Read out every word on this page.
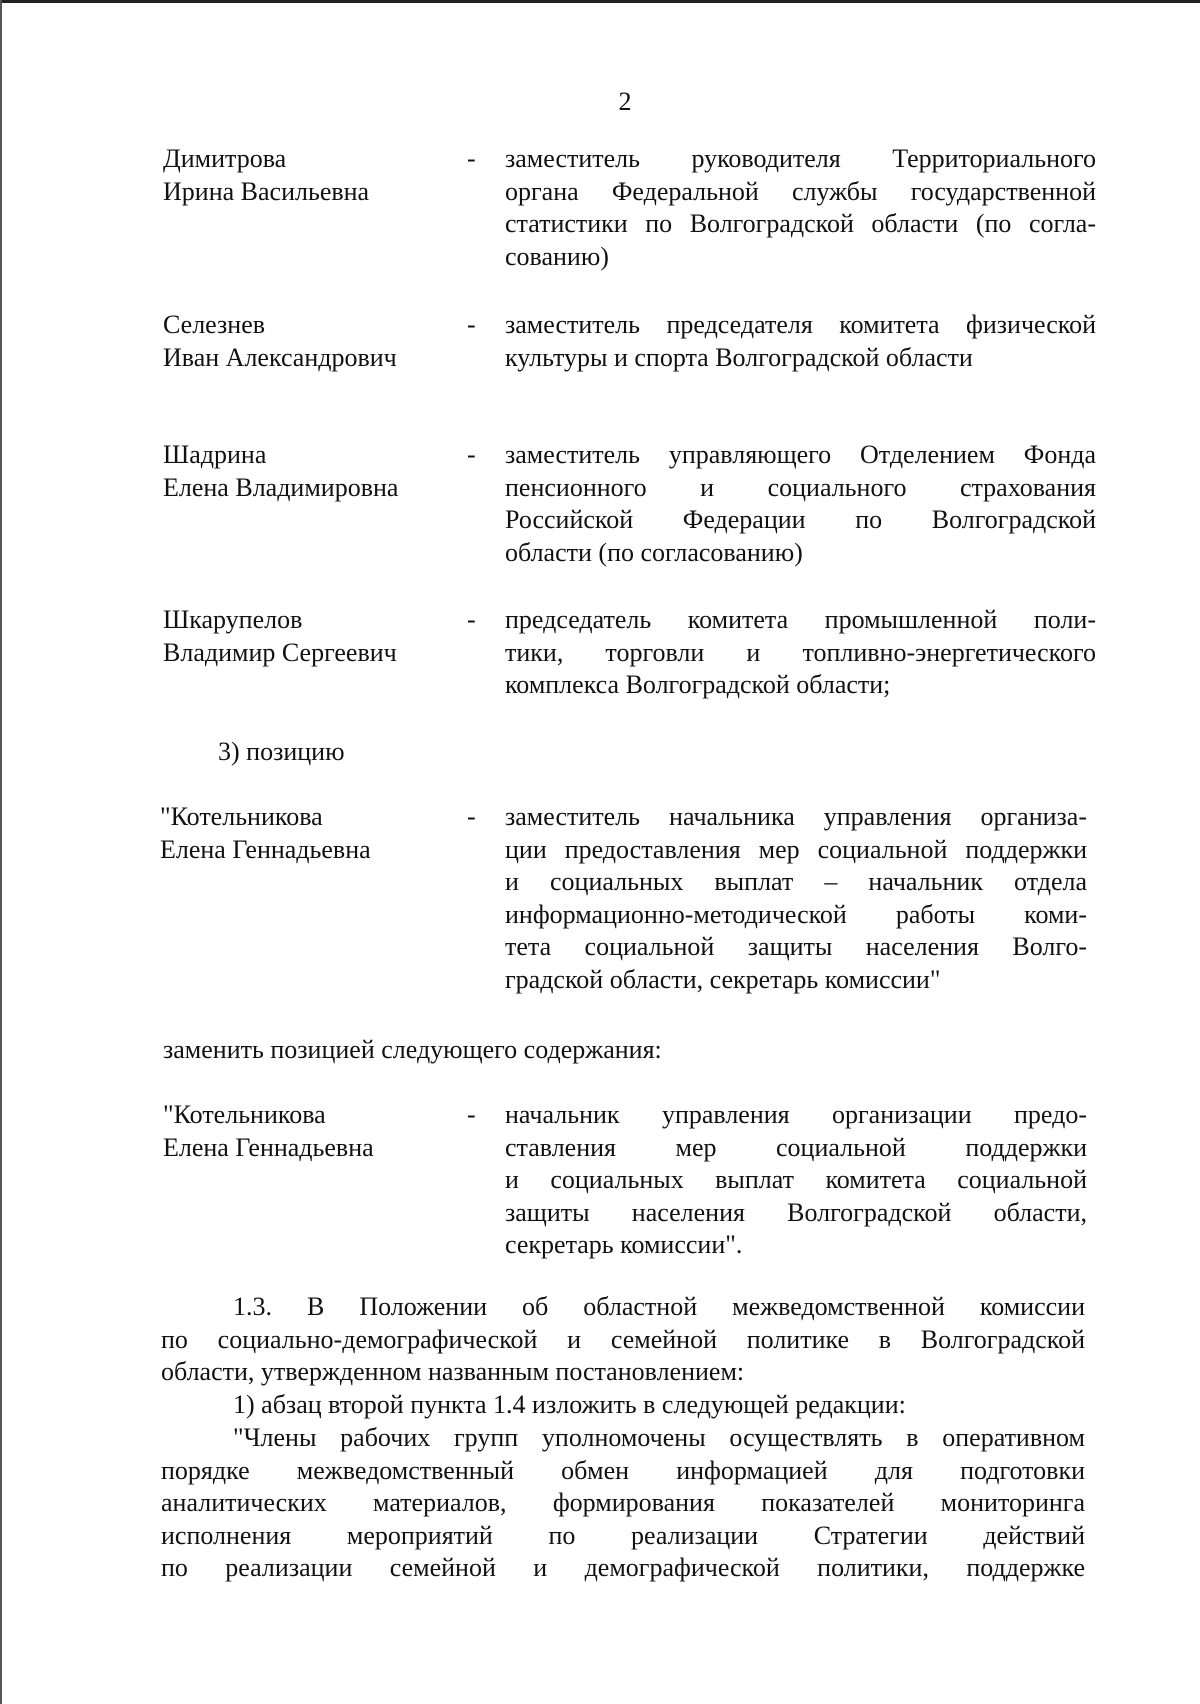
2
Димитрова
Ирина Васильевна
- заместитель руководителя Территориального
органа Федеральной службы государственной
статистики по Волгоградской области (по согла-
сованию)
Селезнев
Иван Александрович
- заместитель председателя комитета физической
культуры и спорта Волгоградской области
Шадрина
Елена Владимировна
- заместитель управляющего Отделением Фонда
пенсионного и социального страхования
Российской Федерации по Волгоградской
области (по согласованию)
Шкарупелов
Владимир Сергеевич
- председатель комитета промышленной поли-
тики, торговли и топливно-энергетического
комплекса Волгоградской области;
3) позицию
"Котельникова
Елена Геннадьевна
- заместитель начальника управления организа-
ции предоставления мер социальной поддержки
и социальных выплат – начальник отдела
информационно-методической работы коми-
тета социальной защиты населения Волго-
градской области, секретарь комиссии"
заменить позицией следующего содержания:
"Котельникова
Елена Геннадьевна
- начальник управления организации предо-
ставления мер социальной поддержки
и социальных выплат комитета социальной
защиты населения Волгоградской области,
секретарь комиссии".
1.3. В Положении об областной межведомственной комиссии
по социально-демографической и семейной политике в Волгоградской
области, утвержденном названным постановлением:
1) абзац второй пункта 1.4 изложить в следующей редакции:
"Члены рабочих групп уполномочены осуществлять в оперативном
порядке межведомственный обмен информацией для подготовки
аналитических материалов, формирования показателей мониторинга
исполнения мероприятий по реализации Стратегии действий
по реализации семейной и демографической политики, поддержке
